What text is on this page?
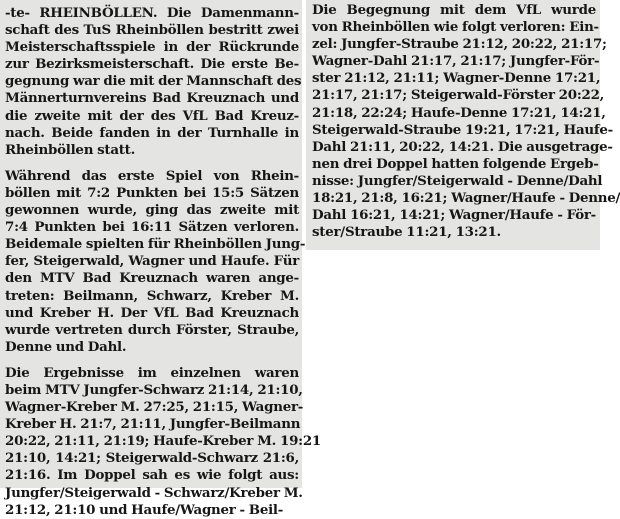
-te- RHEINBÖLLEN. Die Damenmann-
schaft des TuS Rheinböllen bestritt zwei
Meisterschaftsspiele in der Rückrunde
zur Bezirksmeisterschaft. Die erste Be-
gegnung war die mit der Mannschaft des
Männerturnvereins Bad Kreuznach und
die zweite mit der des VfL Bad Kreuz-
nach. Beide fanden in der Turnhalle in
Rheinböllen statt.

Während das erste Spiel von Rhein-
böllen mit 7:2 Punkten bei 15:5 Sätzen
gewonnen wurde, ging das zweite mit
7:4 Punkten bei 16:11 Sätzen verloren.
Beidemale spielten für Rheinböllen Jung-
fer, Steigerwald, Wagner und Haufe. Für
den MTV Bad Kreuznach waren ange-
treten: Beilmann, Schwarz, Kreber M.
und Kreber H. Der VfL Bad Kreuznach
wurde vertreten durch Förster, Straube,
Denne und Dahl.

Die Ergebnisse im einzelnen waren
beim MTV Jungfer-Schwarz 21:14, 21:10,
Wagner-Kreber M. 27:25, 21:15, Wagner-
Kreber H. 21:7, 21:11, Jungfer-Beilmann
20:22, 21:11, 21:19; Haufe-Kreber M. 19:21
21:10, 14:21; Steigerwald-Schwarz 21:6,
21:16. Im Doppel sah es wie folgt aus:
Jungfer/Steigerwald - Schwarz/Kreber M.
21:12, 21:10 und Haufe/Wagner - Beil-

Die Begegnung mit dem VfL wurde
von Rheinböllen wie folgt verloren: Ein-
zel: Jungfer-Straube 21:12, 20:22, 21:17;
Wagner-Dahl 21:17, 21:17; Jungfer-För-
ster 21:12, 21:11; Wagner-Denne 17:21,
21:17, 21:17; Steigerwald-Förster 20:22,
21:18, 22:24; Haufe-Denne 17:21, 14:21,
Steigerwald-Straube 19:21, 17:21, Haufe-
Dahl 21:11, 20:22, 14:21. Die ausgetrage-
nen drei Doppel hatten folgende Ergeb-
nisse: Jungfer/Steigerwald - Denne/Dahl
18:21, 21:8, 16:21; Wagner/Haufe - Denne/
Dahl 16:21, 14:21; Wagner/Haufe - För-
ster/Straube 11:21, 13:21.
